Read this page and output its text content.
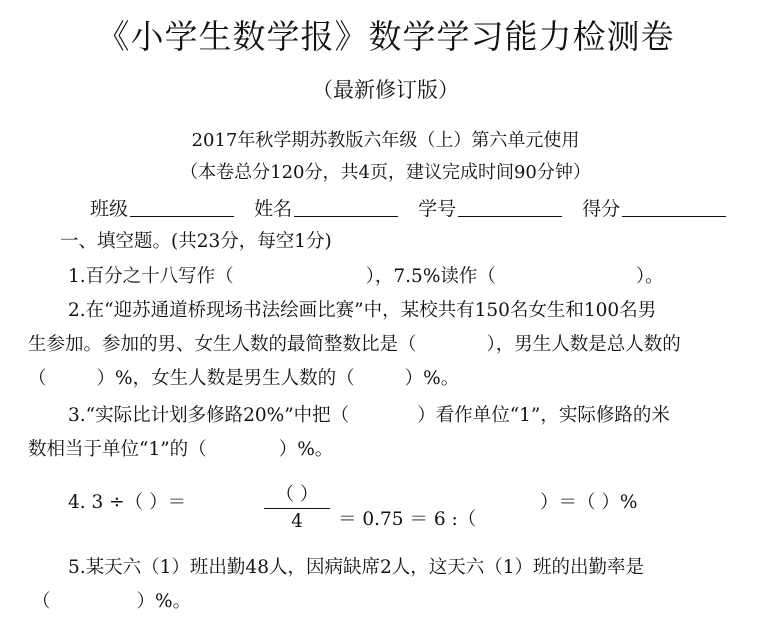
《小学生数学报》数学学习能力检测卷
（最新修订版）
2017年秋学期苏教版六年级（上）第六单元使用
（本卷总分120分，共4页，建议完成时间90分钟）
班级	姓名	学号	得分
一、填空题。(共23分，每空1分)
1.百分之十八写作（	），7.5%读作（	）。
2.在“迎苏通道桥现场书法绘画比赛”中，某校共有150名女生和100名男
生参加。参加的男、女生人数的最简整数比是（	），男生人数是总人数的
（	）%，女生人数是男生人数的（	）%。
3.“实际比计划多修路20%”中把（	）看作单位“1”，实际修路的米
数相当于单位“1”的（	）%。
4. 3 ÷（ ）＝	（ ）
4	＝ 0.75 ＝ 6 :（
）＝（ ）%
5.某天六（1）班出勤48人，因病缺席2人，这天六（1）班的出勤率是
（	）%。
